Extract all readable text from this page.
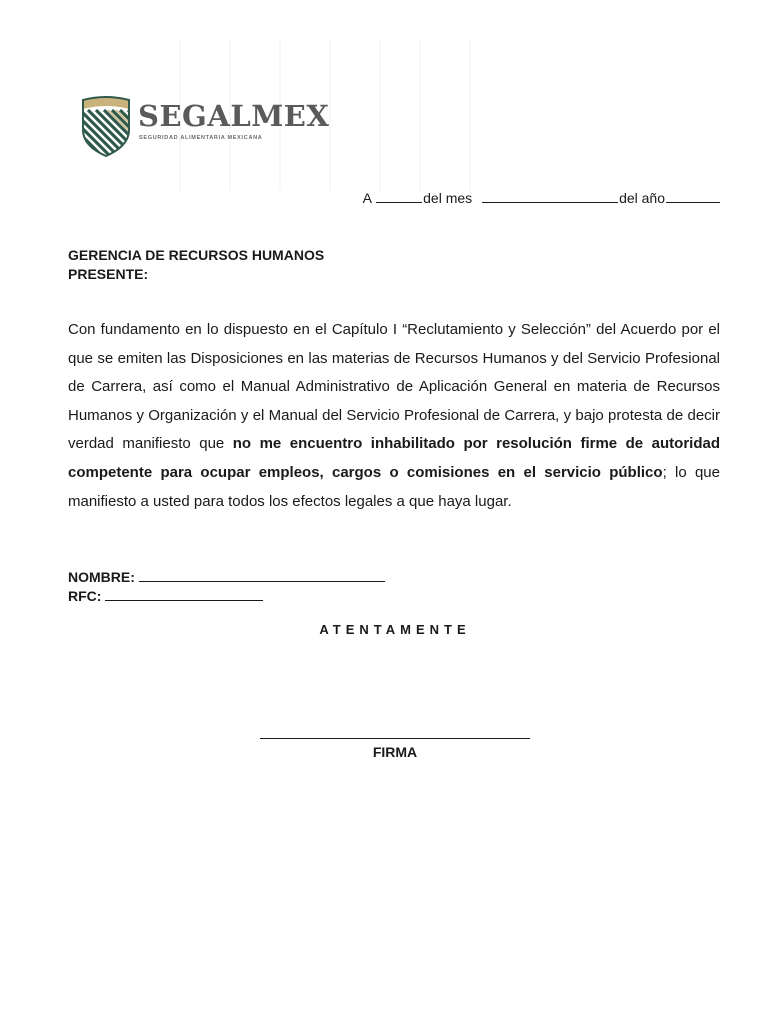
SEGALMEX
SEGURIDAD ALIMENTARIA MEXICANA
A	del mes	del año
GERENCIA DE RECURSOS HUMANOS
PRESENTE:

Con fundamento en lo dispuesto en el Capítulo I “Reclutamiento y Selección” del Acuerdo por el que se emiten las Disposiciones en las materias de Recursos Humanos y del Servicio Profesional de Carrera, así como el Manual Administrativo de Aplicación General en materia de Recursos Humanos y Organización y el Manual del Servicio Profesional de Carrera, y bajo protesta de decir verdad manifiesto que no me encuentro inhabilitado por resolución firme de autoridad competente para ocupar empleos, cargos o comisiones en el servicio público; lo que manifiesto a usted para todos los efectos legales a que haya lugar.

NOMBRE:
RFC:
ATENTAMENTE
FIRMA
